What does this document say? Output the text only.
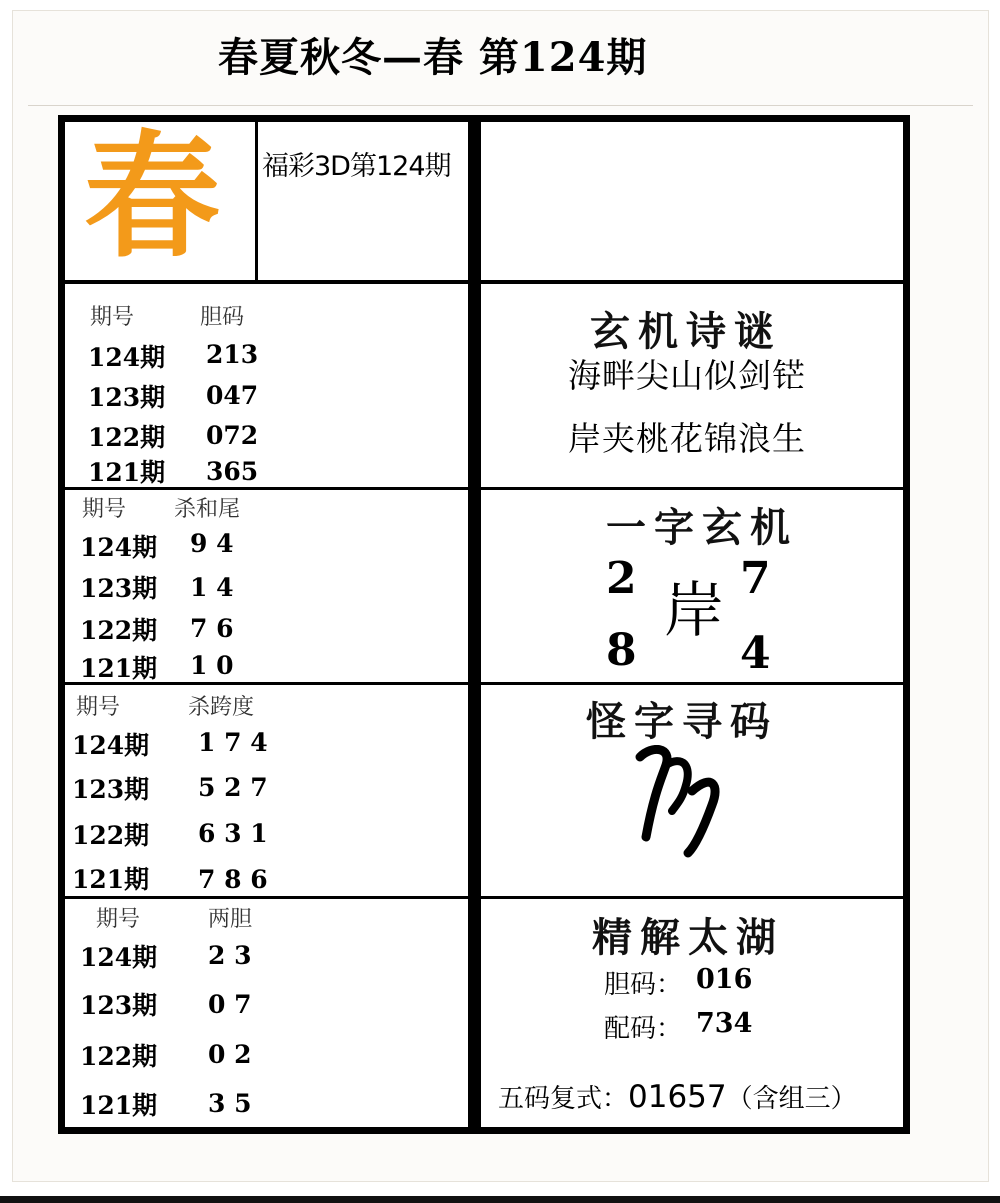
春夏秋冬—春 第124期
春 福彩3D第124期
期号	胆码
124期 213
123期 047
122期 072
121期 365
期号 杀和尾
124期 9 4
123期 1 4
122期 7 6
121期 1 0
期号	杀跨度
124期 1 7 4
123期 5 2 7
122期 6 3 1
121期 7 8 6
期号	两胆
124期 2 3
123期 0 7
122期 0 2
121期 3 5
玄机诗谜
海畔尖山似剑铓
岸夹桃花锦浪生
一字玄机
2 7
8 4
岸
怪字寻码
精解太湖
胆码： 016
配码： 734
五码复式：01657（含组三）
